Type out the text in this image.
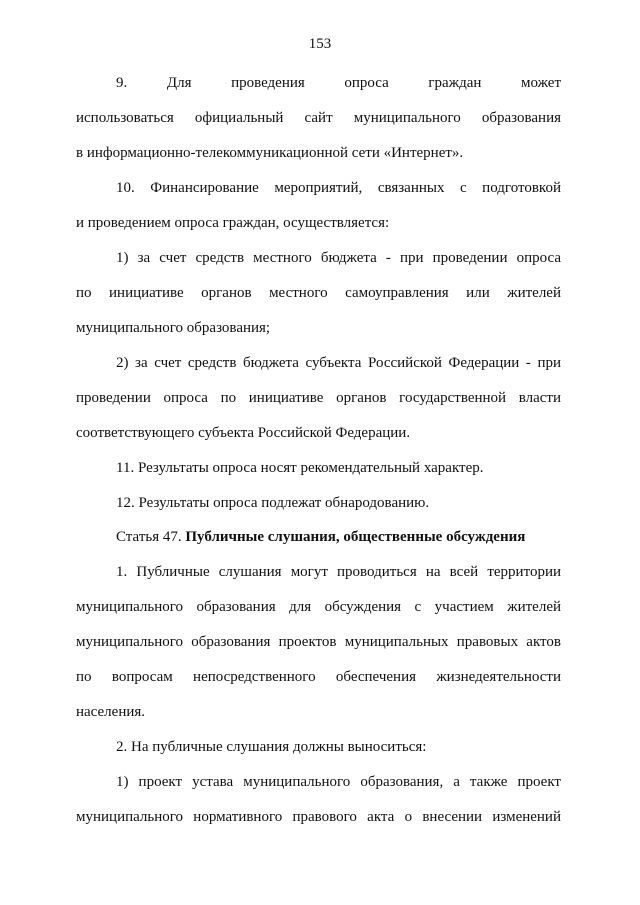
153
9. Для проведения опроса граждан может
использоваться официальный сайт муниципального образования
в информационно-телекоммуникационной сети «Интернет».
10. Финансирование мероприятий, связанных с подготовкой
и проведением опроса граждан, осуществляется:
1) за счет средств местного бюджета - при проведении опроса
по инициативе органов местного самоуправления или жителей
муниципального образования;
2) за счет средств бюджета субъекта Российской Федерации - при
проведении опроса по инициативе органов государственной власти
соответствующего субъекта Российской Федерации.
11. Результаты опроса носят рекомендательный характер.
12. Результаты опроса подлежат обнародованию.
Статья 47. Публичные слушания, общественные обсуждения
1. Публичные слушания могут проводиться на всей территории
муниципального образования для обсуждения с участием жителей
муниципального образования проектов муниципальных правовых актов
по вопросам непосредственного обеспечения жизнедеятельности
населения.
2. На публичные слушания должны выноситься:
1) проект устава муниципального образования, а также проект
муниципального нормативного правового акта о внесении изменений
